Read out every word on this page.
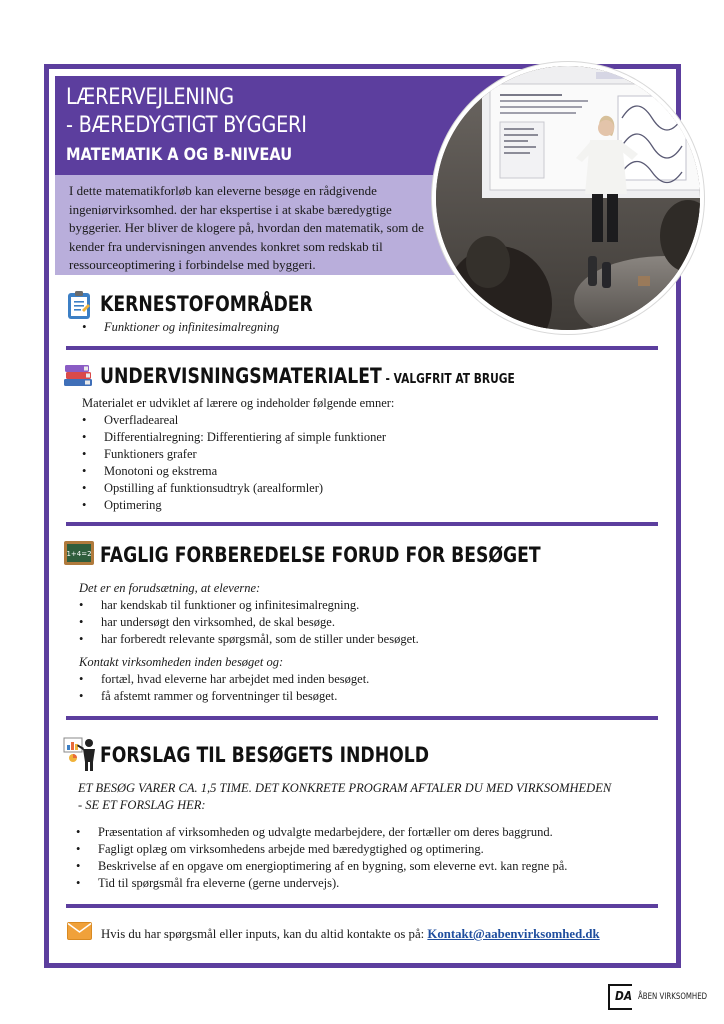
LÆRERVEJLENING
- BÆREDYGTIGT BYGGERI
MATEMATIK A OG B-NIVEAU

I dette matematikforløb kan eleverne besøge en rådgivende ingeniørvirksomhed. der har ekspertise i at skabe bæredygtige byggerier. Her bliver de klogere på, hvordan den matematik, som de kender fra undervisningen anvendes konkret som redskab til ressourceoptimering i forbindelse med byggeri.

KERNESTOFOMRÅDER
• Funktioner og infinitesimalregning
UNDERVISNINGSMATERIALET - VALGFRIT AT BRUGE
Materialet er udviklet af lærere og indeholder følgende emner:
• Overfladeareal
• Differentialregning: Differentiering af simple funktioner
• Funktioners grafer
• Monotoni og ekstrema
• Opstilling af funktionsudtryk (arealformler)
• Optimering
1+4=2 FAGLIG FORBEREDELSE FORUD FOR BESØGET
Det er en forudsætning, at eleverne:
• har kendskab til funktioner og infinitesimalregning.
• har undersøgt den virksomhed, de skal besøge.
• har forberedt relevante spørgsmål, som de stiller under besøget.
Kontakt virksomheden inden besøget og:
• fortæl, hvad eleverne har arbejdet med inden besøget.
• få afstemt rammer og forventninger til besøget.
FORSLAG TIL BESØGETS INDHOLD
ET BESØG VARER CA. 1,5 TIME. DET KONKRETE PROGRAM AFTALER DU MED VIRKSOMHEDEN
- SE ET FORSLAG HER:
• Præsentation af virksomheden og udvalgte medarbejdere, der fortæller om deres baggrund.
• Fagligt oplæg om virksomhedens arbejde med bæredygtighed og optimering.
• Beskrivelse af en opgave om energioptimering af en bygning, som eleverne evt. kan regne på.
• Tid til spørgsmål fra eleverne (gerne undervejs).
Hvis du har spørgsmål eller inputs, kan du altid kontakte os på: Kontakt@aabenvirksomhed.dk
DA ÅBEN VIRKSOMHED
